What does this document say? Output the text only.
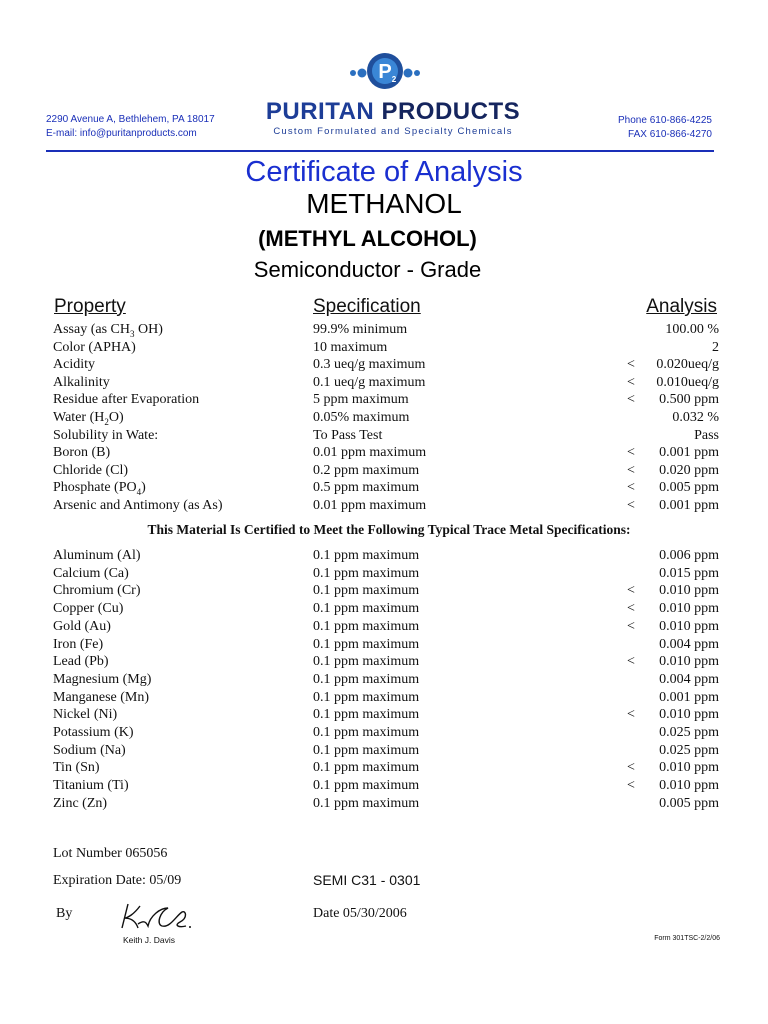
2290 Avenue A, Bethlehem, PA 18017
E-mail: info@puritanproducts.com
P 2
PURITAN PRODUCTS
Custom Formulated and Specialty Chemicals
Phone 610-866-4225
FAX 610-866-4270
Certificate of Analysis
METHANOL
(METHYL ALCOHOL)
Semiconductor - Grade
Property	Specification	Analysis
Assay (as $CH_3$ OH)	99.9% minimum	100.00 %
Color (APHA)	10 maximum	2
Acidity	0.3 ueq/g maximum	< 0.020ueq/g
Alkalinity	0.1 ueq/g maximum	< 0.010ueq/g
Residue after Evaporation	5 ppm maximum	< 0.500 ppm
Water $(H_2O)$	0.05% maximum	0.032 %
Solubility in Wate:	To Pass Test	Pass
Boron (B)	0.01 ppm maximum	< 0.001 ppm
Chloride (Cl)	0.2 ppm maximum	< 0.020 ppm
Phosphate $(PO_4)$	0.5 ppm maximum	< 0.005 ppm
Arsenic and Antimony (as As)	0.01 ppm maximum	< 0.001 ppm
This Material Is Certified to Meet the Following Typical Trace Metal Specifications:
Aluminum (Al)	0.1 ppm maximum	0.006 ppm
Calcium (Ca)	0.1 ppm maximum	0.015 ppm
Chromium (Cr)	0.1 ppm maximum	< 0.010 ppm
Copper (Cu)	0.1 ppm maximum	< 0.010 ppm
Gold (Au)	0.1 ppm maximum	< 0.010 ppm
Iron (Fe)	0.1 ppm maximum	0.004 ppm
Lead (Pb)	0.1 ppm maximum	< 0.010 ppm
Magnesium (Mg)	0.1 ppm maximum	0.004 ppm
Manganese (Mn)	0.1 ppm maximum	0.001 ppm
Nickel (Ni)	0.1 ppm maximum	< 0.010 ppm
Potassium (K)	0.1 ppm maximum	0.025 ppm
Sodium (Na)	0.1 ppm maximum	0.025 ppm
Tin (Sn)	0.1 ppm maximum	< 0.010 ppm
Titanium (Ti)	0.1 ppm maximum	< 0.010 ppm
Zinc (Zn)	0.1 ppm maximum	0.005 ppm
Lot Number 065056
Expiration Date: 05/09	SEMI C31 - 0301
By	Date 05/30/2006
Keith J. Davis	Form 301TSC-2/2/06
